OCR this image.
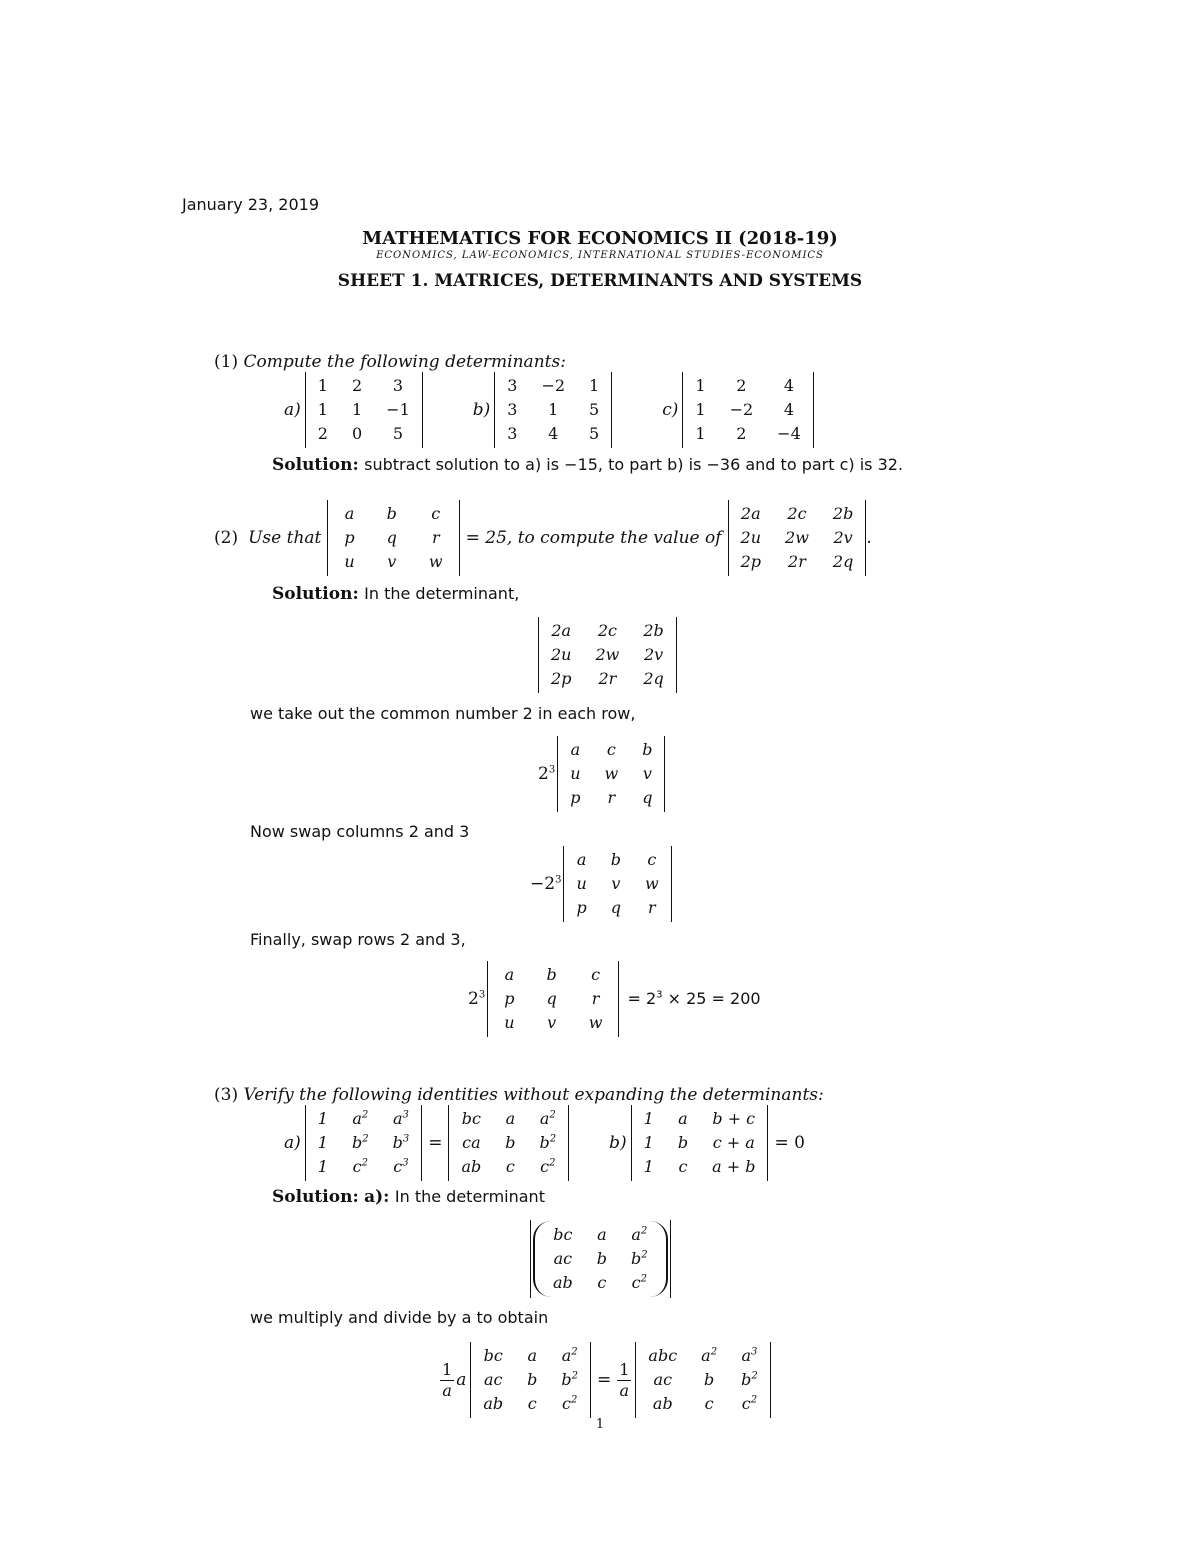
January 23, 2019
MATHEMATICS FOR ECONOMICS II (2018-19)
ECONOMICS, LAW-ECONOMICS, INTERNATIONAL STUDIES-ECONOMICS
SHEET 1. MATRICES, DETERMINANTS AND SYSTEMS
(1) Compute the following determinants:
a)
1	2	3
1	1	−1
2	0	5
b)
3	−2	1
3	1	5
3	4	5
c)
1	2	4
1	−2	4
1	2	−4
Solution: subtract solution to a) is −15, to part b) is −36 and to part c) is 32.
(2) Use that
a	b	c
p	q	r
u	v	w
= 25, to compute the value of
2a	2c	2b
2u	2w	2v
2p	2r	2q
.
Solution: In the determinant,
2a	2c	2b
2u	2w	2v
2p	2r	2q
we take out the common number 2 in each row,
$2^3$
a	c	b
u	w	v
p	r	q
Now swap columns 2 and 3
$-2^3$
a	b	c
u	v	w
p	q	r
Finally, swap rows 2 and 3,
$2^3$
a	b	c
p	q	r
u	v	w
= $2^3 \times 25 = 200$
(3) Verify the following identities without expanding the determinants:
a)
1	$a^2$	$a^3$
1	$b^2$	$b^3$
1	$c^2$	$c^3$
=
bc	a	$a^2$
ca	b	$b^2$
ab	c	$c^2$
b)
1	a	b + c
1	b	c + a
1	c	a + b
= 0
Solution: a): In the determinant
bc	a	$a^2$
ac	b	$b^2$
ab	c	$c^2$
we multiply and divide by a to obtain
$\frac{1}{a}$ a
bc	a	$a^2$
ac	b	$b^2$
ab	c	$c^2$
= $\frac{1}{a}$
abc	$a^2$	$a^3$
ac	b	$b^2$
ab	c	$c^2$
1
